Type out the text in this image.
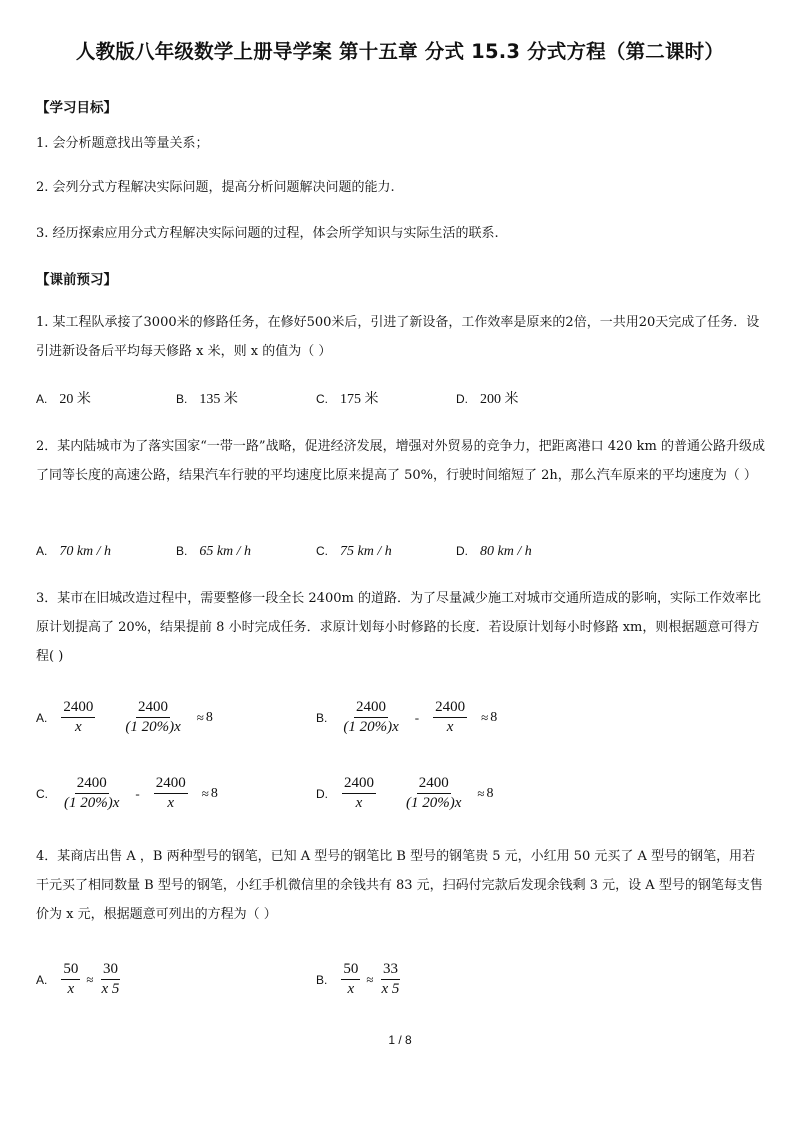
人教版八年级数学上册导学案 第十五章 分式 15.3 分式方程（第二课时）
【学习目标】
1. 会分析题意找出等量关系；
2. 会列分式方程解决实际问题，提高分析问题解决问题的能力.
3. 经历探索应用分式方程解决实际问题的过程，体会所学知识与实际生活的联系.
【课前预习】
1. 某工程队承接了3000米的修路任务，在修好500米后，引进了新设备，工作效率是原来的2倍，一共用20天完成了任务．设引进新设备后平均每天修路 x 米，则 x 的值为（ ）
A. 20 米	B. 135 米	C. 175 米	D. 200 米
2．某内陆城市为了落实国家“一带一路”战略，促进经济发展，增强对外贸易的竞争力，把距离港口 420 km 的普通公路升级成了同等长度的高速公路，结果汽车行驶的平均速度比原来提高了 50%，行驶时间缩短了 2h，那么汽车原来的平均速度为（ ）
A. 70 km / h	B. 65 km / h	C. 75 km / h	D. 80 km / h
3．某市在旧城改造过程中，需要整修一段全长 2400m 的道路．为了尽量减少施工对城市交通所造成的影响，实际工作效率比原计划提高了 20%，结果提前 8 小时完成任务．求原计划每小时修路的长度．若设原计划每小时修路 xm，则根据题意可得方程( )
A. $\frac{2400}{x} \frac{2400}{(1 20\%)x} \approx 8$	B. $\frac{2400}{(1 20\%)x} - \frac{2400}{x} \approx 8$
C. $\frac{2400}{(1 20\%)x} - \frac{2400}{x} \approx 8$	D. $\frac{2400}{x} \frac{2400}{(1 20\%)x} \approx 8$
4．某商店出售 A ，B 两种型号的钢笔，已知 A 型号的钢笔比 B 型号的钢笔贵 5 元，小红用 50 元买了 A 型号的钢笔，用若干元买了相同数量 B 型号的钢笔，小红手机微信里的余钱共有 83 元，扫码付完款后发现余钱剩 3 元，设 A 型号的钢笔每支售价为 x 元，根据题意可列出的方程为（ ）
A. $\frac{50}{x} \approx \frac{30}{x 5}$	B. $\frac{50}{x} \approx \frac{33}{x 5}$
1 / 8
